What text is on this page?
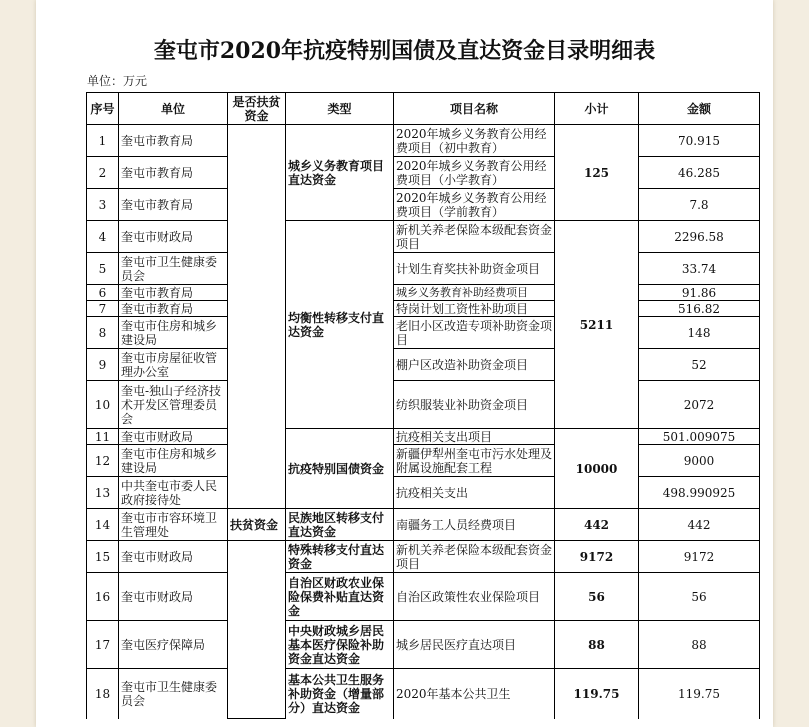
奎屯市2020年抗疫特别国债及直达资金目录明细表
单位：万元
序号	单位	是否扶贫资金	类型	项目名称	小计	金额
1	奎屯市教育局		城乡义务教育项目直达资金	2020年城乡义务教育公用经费项目（初中教育）	125	70.915
2	奎屯市教育局			2020年城乡义务教育公用经费项目（小学教育）		46.285
3	奎屯市教育局			2020年城乡义务教育公用经费项目（学前教育）		7.8
4	奎屯市财政局		均衡性转移支付直达资金	新机关养老保险本级配套资金项目	5211	2296.58
5	奎屯市卫生健康委员会			计划生育奖扶补助资金项目		33.74
6	奎屯市教育局			城乡义务教育补助经费项目		91.86
7	奎屯市教育局			特岗计划工资性补助项目		516.82
8	奎屯市住房和城乡建设局			老旧小区改造专项补助资金项目		148
9	奎屯市房屋征收管理办公室			棚户区改造补助资金项目		52
10	奎屯-独山子经济技术开发区管理委员会			纺织服装业补助资金项目		2072
11	奎屯市财政局		抗疫特别国债资金	抗疫相关支出项目	10000	501.009075
12	奎屯市住房和城乡建设局			新疆伊犁州奎屯市污水处理及附属设施配套工程		9000
13	中共奎屯市委人民政府接待处			抗疫相关支出		498.990925
14	奎屯市市容环境卫生管理处	扶贫资金	民族地区转移支付直达资金	南疆务工人员经费项目	442	442
15	奎屯市财政局		特殊转移支付直达资金	新机关养老保险本级配套资金项目	9172	9172
16	奎屯市财政局		自治区财政农业保险保费补贴直达资金	自治区政策性农业保险项目	56	56
17	奎屯医疗保障局		中央财政城乡居民基本医疗保险补助资金直达资金	城乡居民医疗直达项目	88	88
18	奎屯市卫生健康委员会		基本公共卫生服务补助资金（增量部分）直达资金	2020年基本公共卫生	119.75	119.75
